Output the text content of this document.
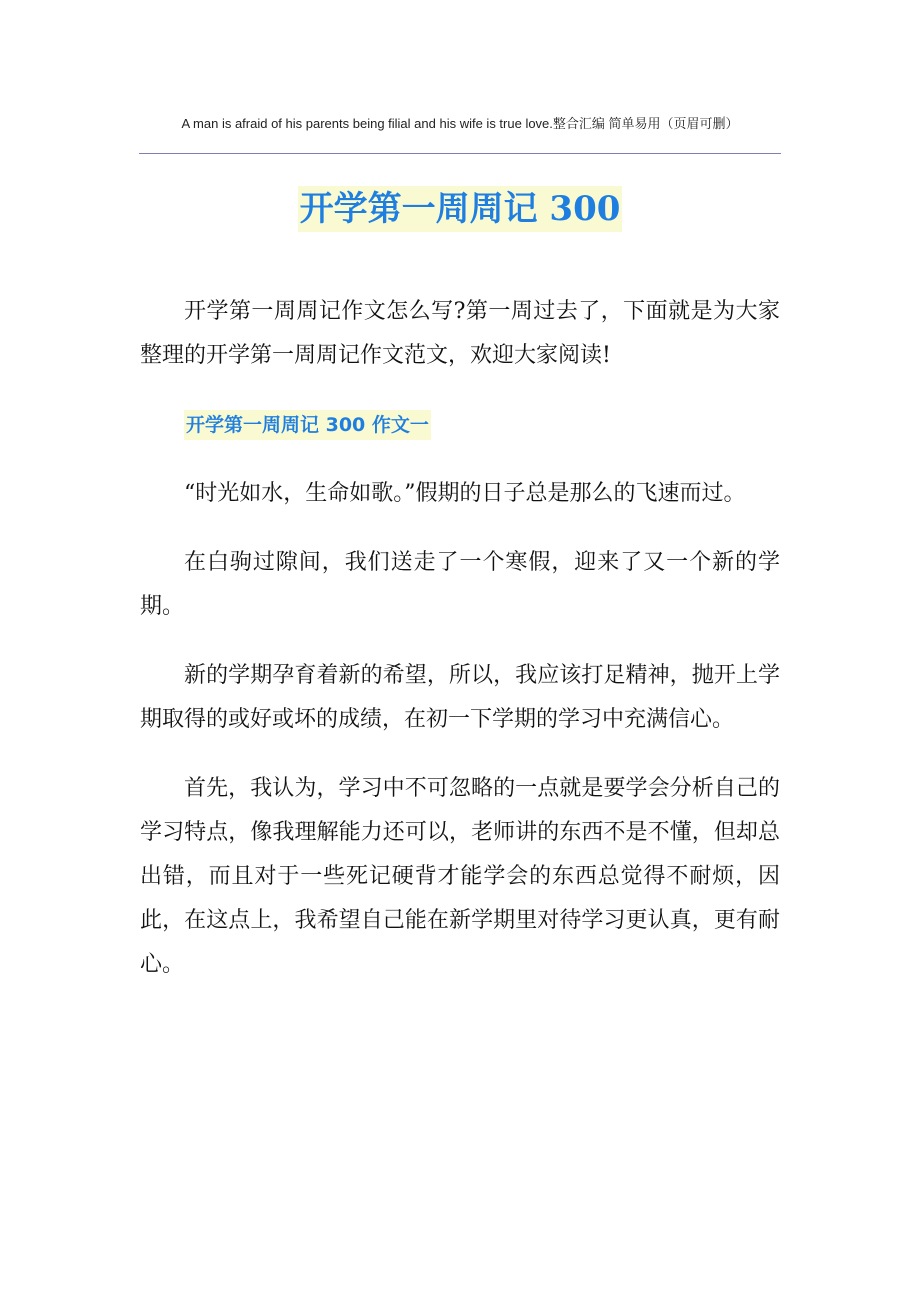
A man is afraid of his parents being filial and his wife is true love.整合汇编 简单易用（页眉可删）
开学第一周周记 300

开学第一周周记作文怎么写?第一周过去了，下面就是为大家整理的开学第一周周记作文范文，欢迎大家阅读!

开学第一周周记 300 作文一

“时光如水，生命如歌。”假期的日子总是那么的飞速而过。

在白驹过隙间，我们送走了一个寒假，迎来了又一个新的学期。

新的学期孕育着新的希望，所以，我应该打足精神，抛开上学期取得的或好或坏的成绩，在初一下学期的学习中充满信心。

首先，我认为，学习中不可忽略的一点就是要学会分析自己的学习特点，像我理解能力还可以，老师讲的东西不是不懂，但却总出错，而且对于一些死记硬背才能学会的东西总觉得不耐烦，因此，在这点上，我希望自己能在新学期里对待学习更认真，更有耐心。
